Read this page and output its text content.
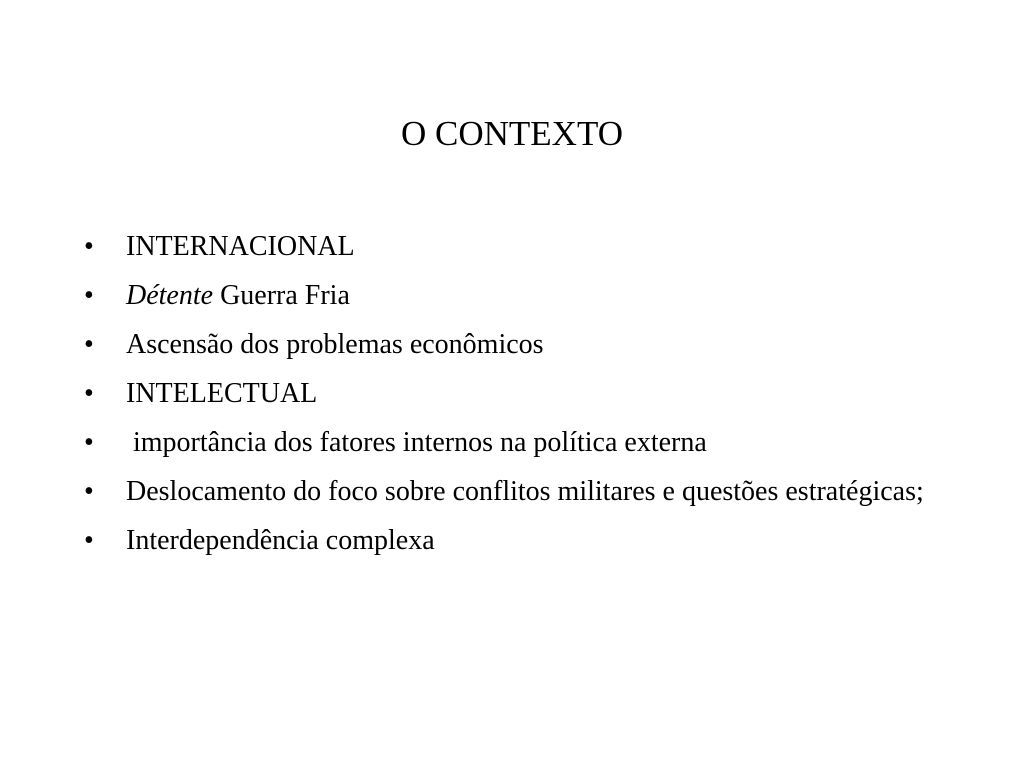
O CONTEXTO
•	INTERNACIONAL
•	Détente Guerra Fria
•	Ascensão dos problemas econômicos
•	INTELECTUAL
•	importância dos fatores internos na política externa
•	Deslocamento do foco sobre conflitos militares e questões estratégicas;
•	Interdependência complexa
